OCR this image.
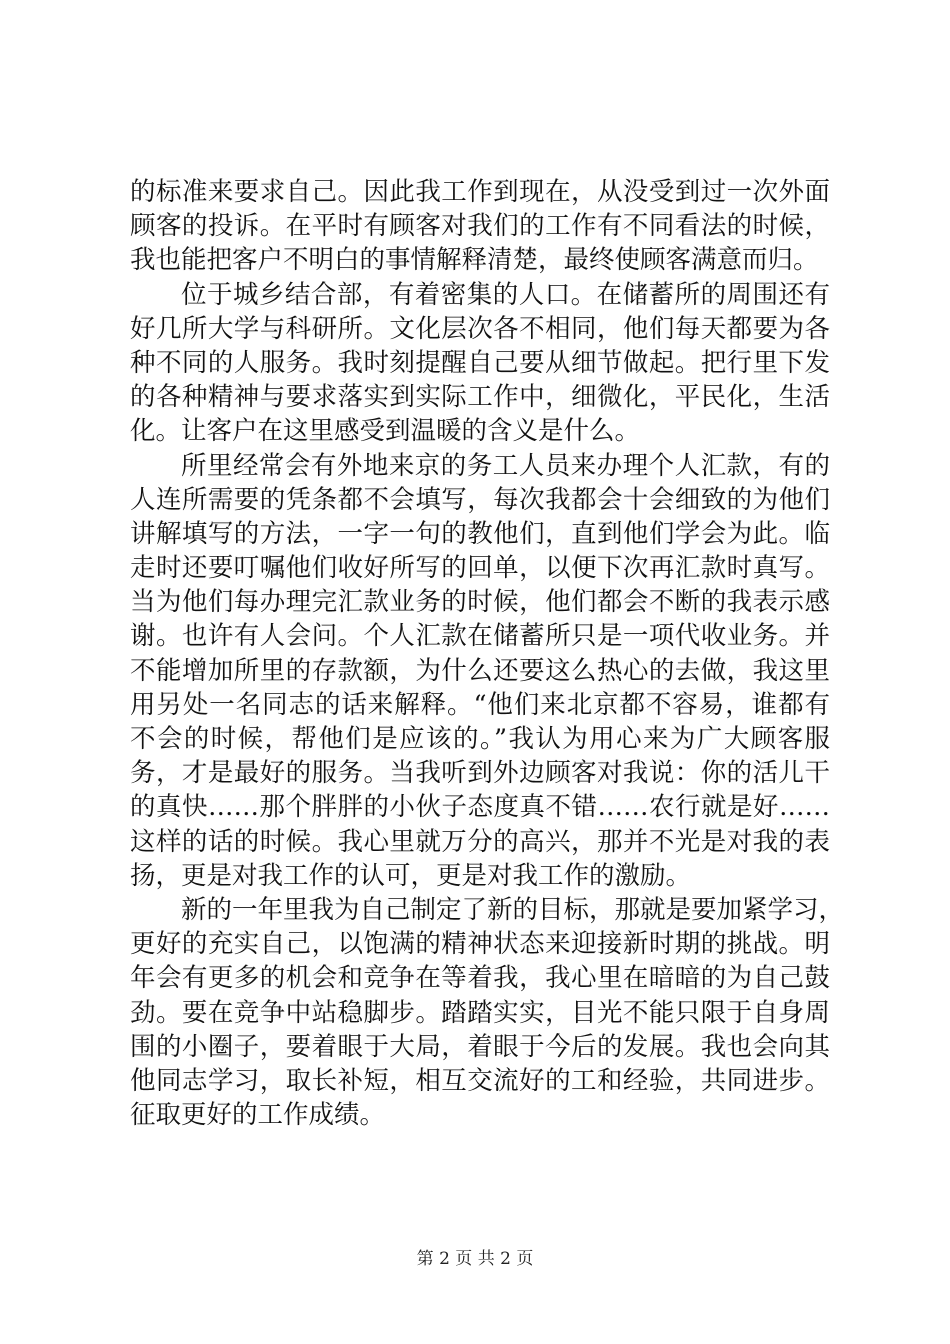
的标准来要求自己。因此我工作到现在，从没受到过一次外面
顾客的投诉。在平时有顾客对我们的工作有不同看法的时候，
我也能把客户不明白的事情解释清楚，最终使顾客满意而归。
位于城乡结合部，有着密集的人口。在储蓄所的周围还有
好几所大学与科研所。文化层次各不相同，他们每天都要为各
种不同的人服务。我时刻提醒自己要从细节做起。把行里下发
的各种精神与要求落实到实际工作中，细微化，平民化，生活
化。让客户在这里感受到温暖的含义是什么。
所里经常会有外地来京的务工人员来办理个人汇款，有的
人连所需要的凭条都不会填写，每次我都会十会细致的为他们
讲解填写的方法，一字一句的教他们，直到他们学会为此。临
走时还要叮嘱他们收好所写的回单，以便下次再汇款时真写。
当为他们每办理完汇款业务的时候，他们都会不断的我表示感
谢。也许有人会问。个人汇款在储蓄所只是一项代收业务。并
不能增加所里的存款额，为什么还要这么热心的去做，我这里
用另处一名同志的话来解释。“他们来北京都不容易，谁都有
不会的时候，帮他们是应该的。”我认为用心来为广大顾客服
务，才是最好的服务。当我听到外边顾客对我说：你的活儿干
的真快……那个胖胖的小伙子态度真不错……农行就是好……
这样的话的时候。我心里就万分的高兴，那并不光是对我的表
扬，更是对我工作的认可，更是对我工作的激励。
新的一年里我为自己制定了新的目标，那就是要加紧学习，
更好的充实自己，以饱满的精神状态来迎接新时期的挑战。明
年会有更多的机会和竞争在等着我，我心里在暗暗的为自己鼓
劲。要在竞争中站稳脚步。踏踏实实，目光不能只限于自身周
围的小圈子，要着眼于大局，着眼于今后的发展。我也会向其
他同志学习，取长补短，相互交流好的工和经验，共同进步。
征取更好的工作成绩。
第 2 页 共 2 页
